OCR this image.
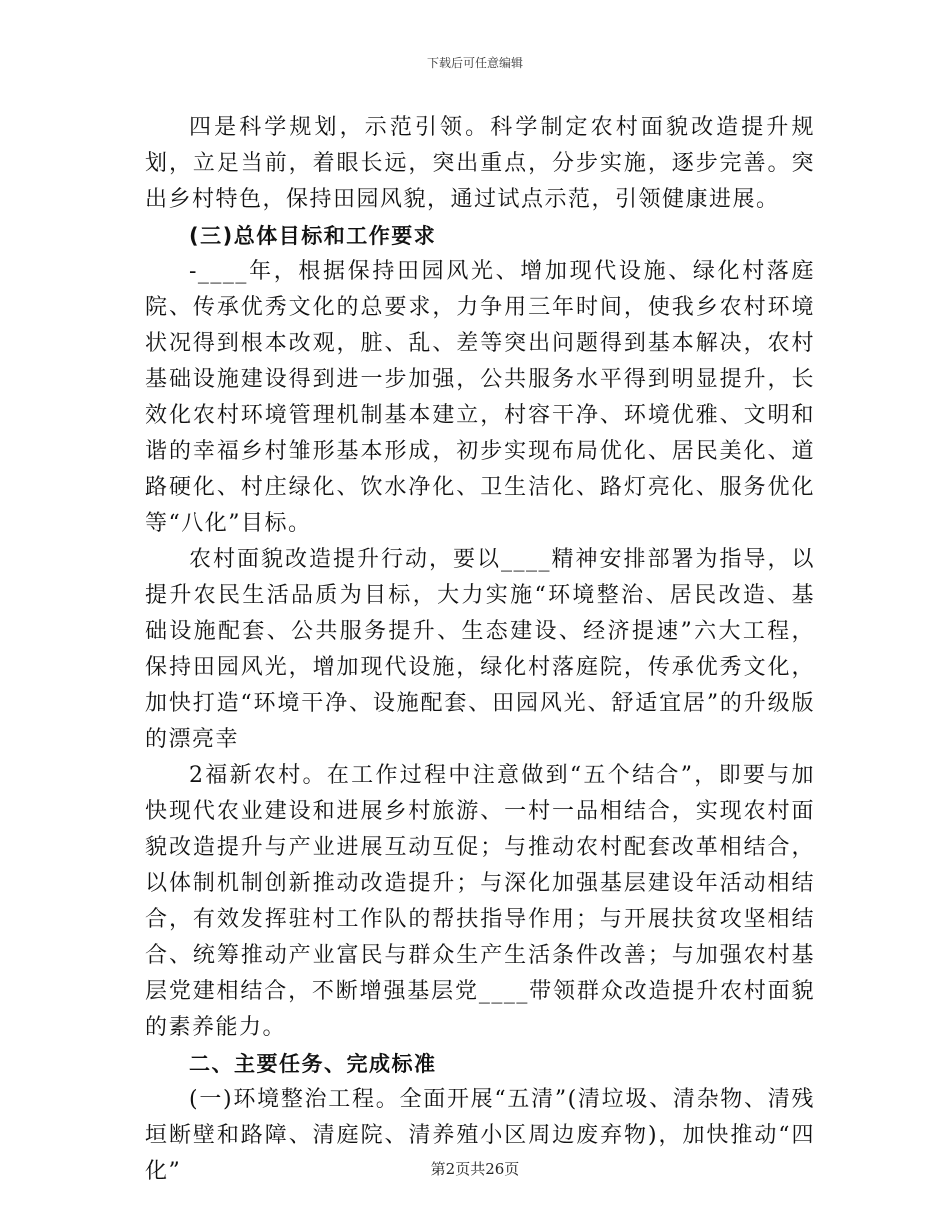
下载后可任意编辑

四是科学规划，示范引领。科学制定农村面貌改造提升规划，立足当前，着眼长远，突出重点，分步实施，逐步完善。突出乡村特色，保持田园风貌，通过试点示范，引领健康进展。

(三)总体目标和工作要求

-____年，根据保持田园风光、增加现代设施、绿化村落庭院、传承优秀文化的总要求，力争用三年时间，使我乡农村环境状况得到根本改观，脏、乱、差等突出问题得到基本解决，农村基础设施建设得到进一步加强，公共服务水平得到明显提升，长效化农村环境管理机制基本建立，村容干净、环境优雅、文明和谐的幸福乡村雏形基本形成，初步实现布局优化、居民美化、道路硬化、村庄绿化、饮水净化、卫生洁化、路灯亮化、服务优化等“八化”目标。

农村面貌改造提升行动，要以____精神安排部署为指导，以提升农民生活品质为目标，大力实施“环境整治、居民改造、基础设施配套、公共服务提升、生态建设、经济提速”六大工程，保持田园风光，增加现代设施，绿化村落庭院，传承优秀文化，加快打造“环境干净、设施配套、田园风光、舒适宜居”的升级版的漂亮幸

2福新农村。在工作过程中注意做到“五个结合”，即要与加快现代农业建设和进展乡村旅游、一村一品相结合，实现农村面貌改造提升与产业进展互动互促；与推动农村配套改革相结合，以体制机制创新推动改造提升；与深化加强基层建设年活动相结合，有效发挥驻村工作队的帮扶指导作用；与开展扶贫攻坚相结合、统筹推动产业富民与群众生产生活条件改善；与加强农村基层党建相结合，不断增强基层党____带领群众改造提升农村面貌的素养能力。

二、主要任务、完成标准

(一)环境整治工程。全面开展“五清”(清垃圾、清杂物、清残垣断壁和路障、清庭院、清养殖小区周边废弃物)，加快推动“四化”	第2页共26页
